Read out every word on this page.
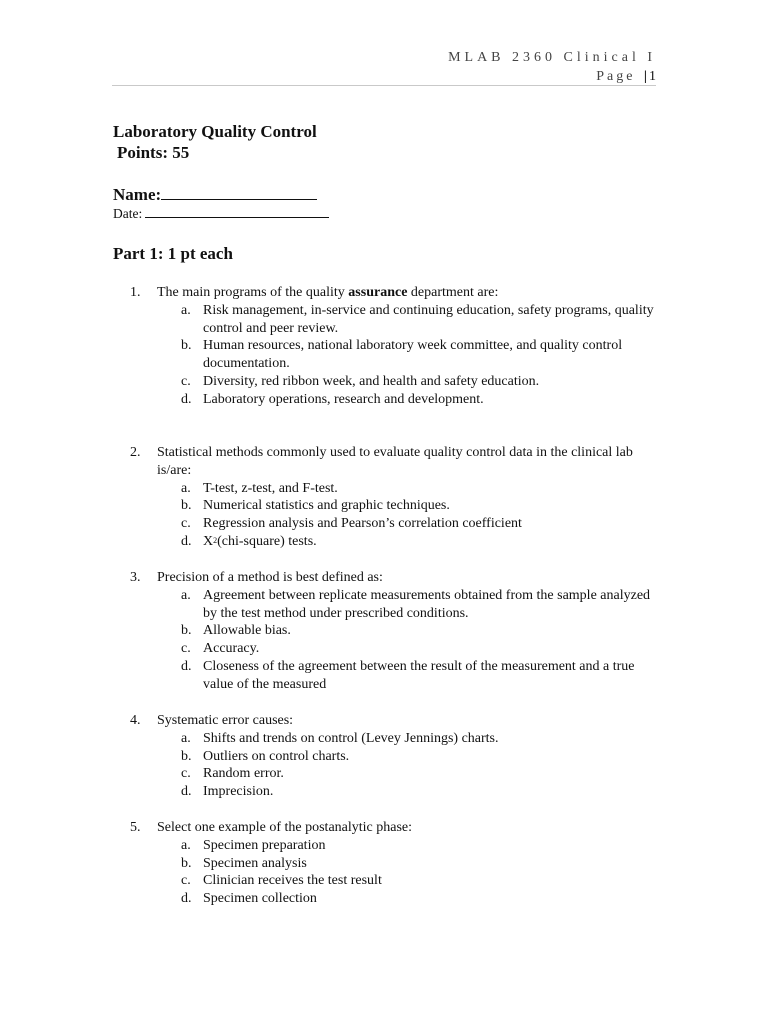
MLAB 2360 Clinical I
Page | 1
Laboratory Quality Control
Points: 55
Name:
Date:
Part 1: 1 pt each
1.	The main programs of the quality assurance department are:
a. Risk management, in-service and continuing education, safety programs, quality control and peer review.
b. Human resources, national laboratory week committee, and quality control documentation.
c. Diversity, red ribbon week, and health and safety education.
d. Laboratory operations, research and development.
2.	Statistical methods commonly used to evaluate quality control data in the clinical lab is/are:
a. T-test, z-test, and F-test.
b. Numerical statistics and graphic techniques.
c. Regression analysis and Pearson’s correlation coefficient
d. $X^2(chi-square)$ tests.
3.	Precision of a method is best defined as:
a. Agreement between replicate measurements obtained from the sample analyzed by the test method under prescribed conditions.
b. Allowable bias.
c. Accuracy.
d. Closeness of the agreement between the result of the measurement and a true value of the measured
4.	Systematic error causes:
a. Shifts and trends on control (Levey Jennings) charts.
b. Outliers on control charts.
c. Random error.
d. Imprecision.
5.	Select one example of the postanalytic phase:
a. Specimen preparation
b. Specimen analysis
c. Clinician receives the test result
d. Specimen collection
